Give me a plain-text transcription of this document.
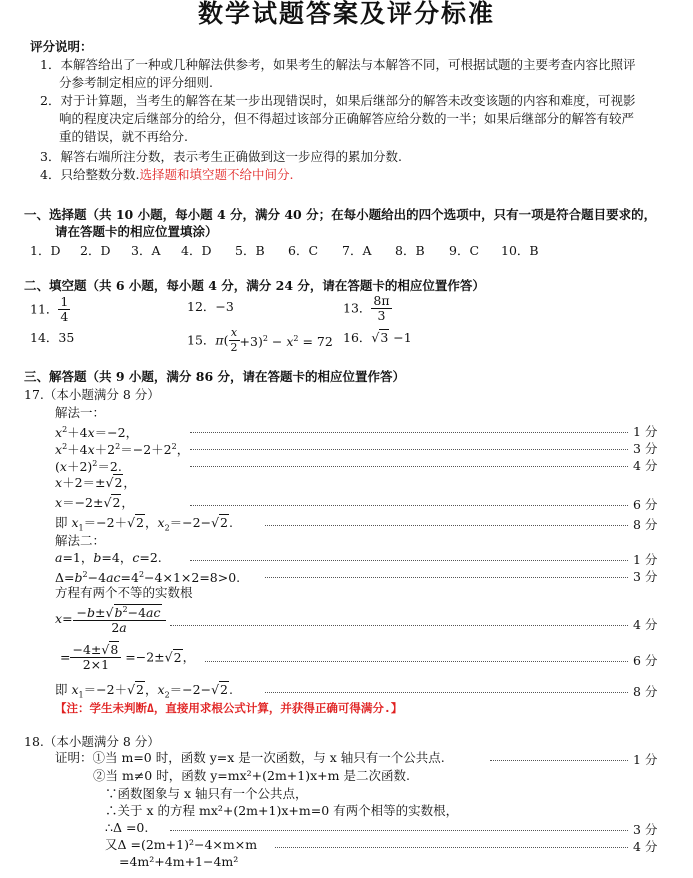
数学试题答案及评分标准
评分说明：
1．本解答给出了一种或几种解法供参考，如果考生的解法与本解答不同，可根据试题的主要考查内容比照评
分参考制定相应的评分细则.
2．对于计算题，当考生的解答在某一步出现错误时，如果后继部分的解答未改变该题的内容和难度，可视影
响的程度决定后继部分的给分，但不得超过该部分正确解答应给分数的一半；如果后继部分的解答有较严
重的错误，就不再给分.
3．解答右端所注分数，表示考生正确做到这一步应得的累加分数.
4．只给整数分数.选择题和填空题不给中间分.
一、选择题（共 10 小题，每小题 4 分，满分 40 分；在每小题给出的四个选项中，只有一项是符合题目要求的，
请在答题卡的相应位置填涂）
1．D 2．D 3．A 4．D 5．B 6．C 7．A 8．B 9．C 10．B
二、填空题（共 6 小题，每小题 4 分，满分 24 分，请在答题卡的相应位置作答）
11． $\frac{1}{4}$	12．−3	13． $\frac{8\pi}{3}$
14．35	15．$\pi( \frac{x}{2} +3)^2 - x^2 = 72$ 16．√3 −1
三、解答题（共 9 小题，满分 86 分，请在答题卡的相应位置作答）
17.（本小题满分 8 分）
解法一：
$x^2+4x=-2$，	1 分
$x^2+4x+2^2=-2+2^2$，	3 分
$(x+2)^2=2$.	4 分
x＋2＝±√2，
x＝−2±√2，	6 分
即 $x_1=-2+√2$，$x_2=-2-√2$.	8 分
解法二：
a=1，b=4，c=2.	1 分
$\Delta=b^2-4ac=4^2-4\times 1\times 2=8>0$.	3 分
方程有两个不等的实数根
$x= \frac{-b\pm√b^2-4ac}{2a}$	4 分
= $\frac{-4\pm√8}{2\times 1} =-2\pm√2$，	6 分
即 $x_1=-2+√2$，$x_2=-2-√2$.	8 分
【注：学生未判断Δ，直接用求根公式计算，并获得正确可得满分.】
18.（本小题满分 8 分）
证明：①当 m=0 时，函数 y=x 是一次函数，与 x 轴只有一个公共点.	1 分
②当 m≠0 时，函数 y=mx²+(2m+1)x+m 是二次函数.
∵函数图象与 x 轴只有一个公共点，
∴关于 x 的方程 mx²+(2m+1)x+m=0 有两个相等的实数根，
∴Δ =0.	3 分
又Δ =(2m+1)²−4×m×m	4 分
=4m²+4m+1−4m²
